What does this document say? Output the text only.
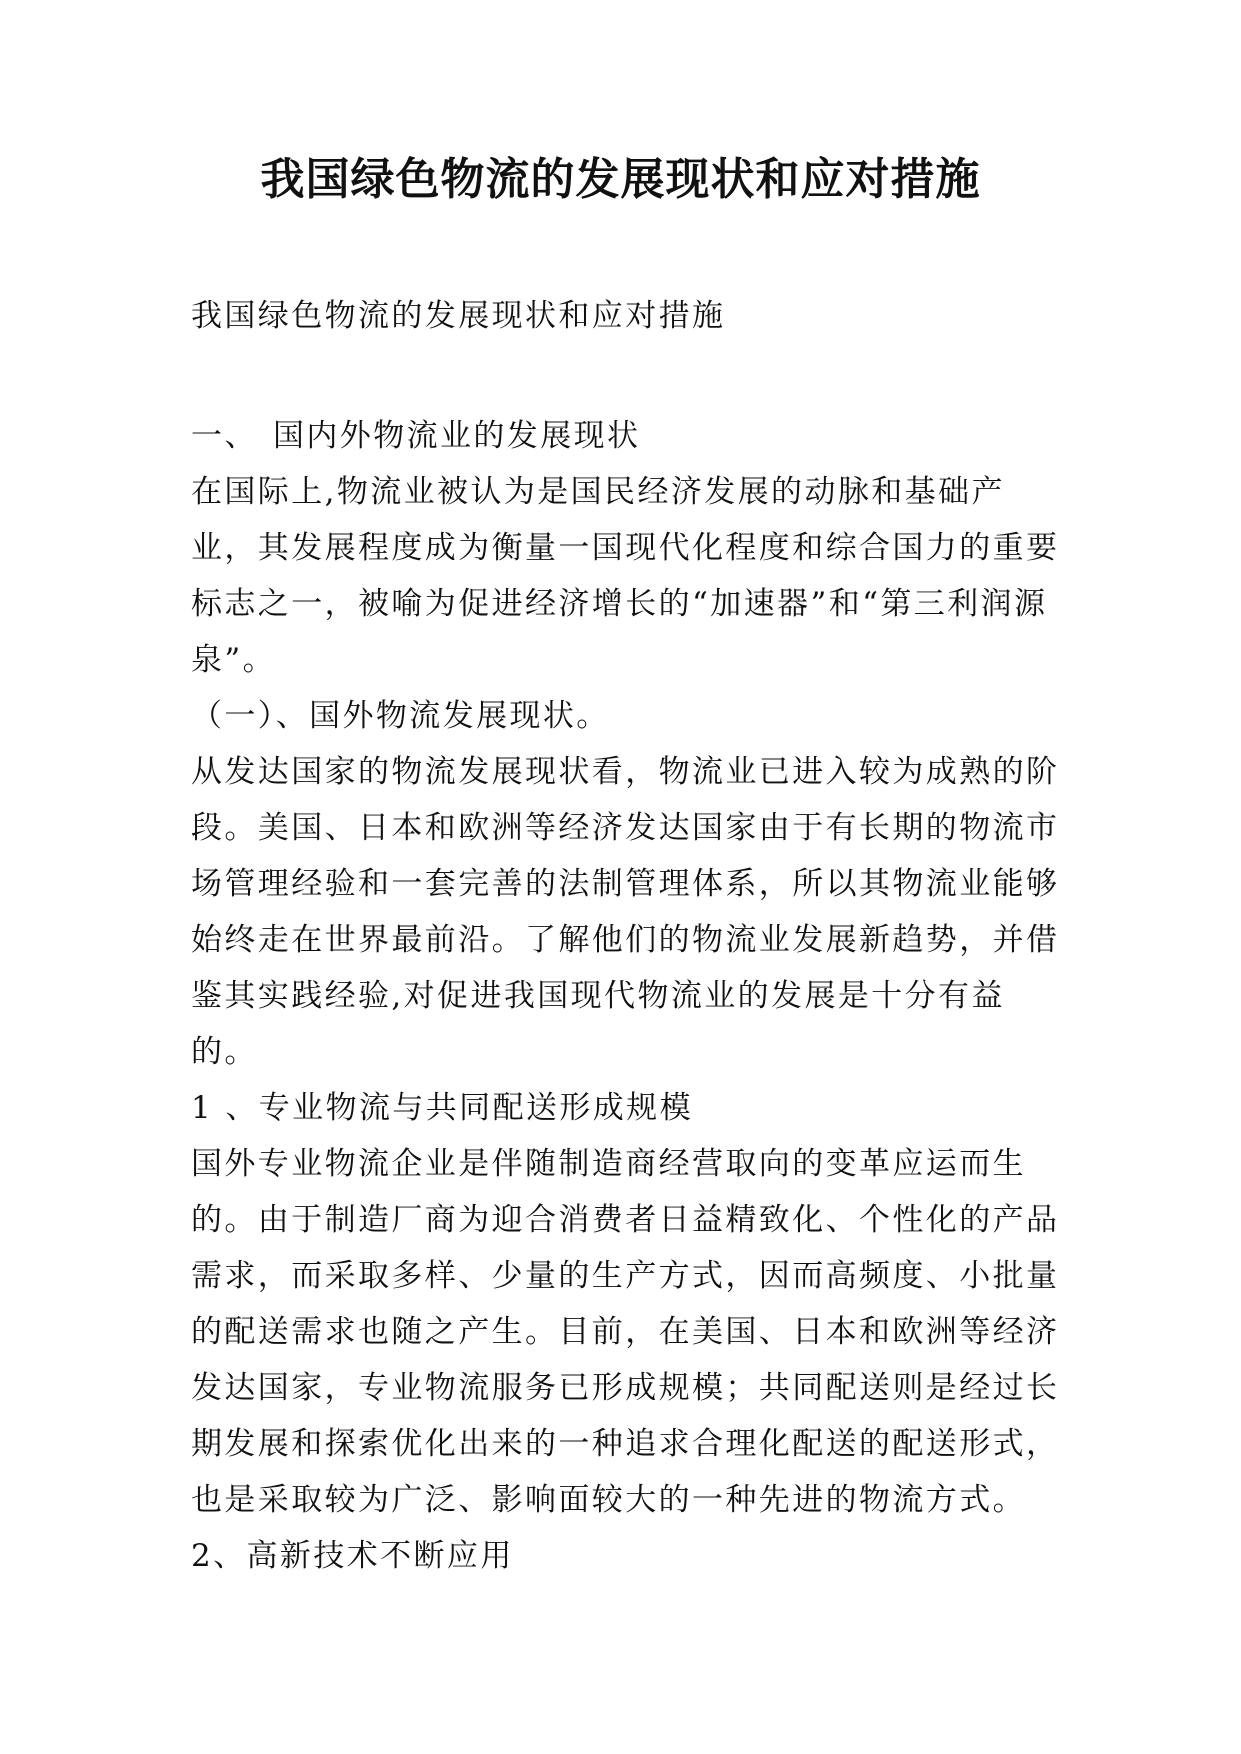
我国绿色物流的发展现状和应对措施

我国绿色物流的发展现状和应对措施

一、 国内外物流业的发展现状

在国际上,物流业被认为是国民经济发展的动脉和基础产业，其发展程度成为衡量一国现代化程度和综合国力的重要标志之一，被喻为促进经济增长的“加速器”和“第三利润源泉”。

（一）、国外物流发展现状。

从发达国家的物流发展现状看，物流业已进入较为成熟的阶段。美国、日本和欧洲等经济发达国家由于有长期的物流市场管理经验和一套完善的法制管理体系，所以其物流业能够始终走在世界最前沿。了解他们的物流业发展新趋势，并借鉴其实践经验,对促进我国现代物流业的发展是十分有益的。

1 、专业物流与共同配送形成规模

国外专业物流企业是伴随制造商经营取向的变革应运而生的。由于制造厂商为迎合消费者日益精致化、个性化的产品需求，而采取多样、少量的生产方式，因而高频度、小批量的配送需求也随之产生。目前，在美国、日本和欧洲等经济发达国家，专业物流服务已形成规模；共同配送则是经过长期发展和探索优化出来的一种追求合理化配送的配送形式，也是采取较为广泛、影响面较大的一种先进的物流方式。

2、高新技术不断应用
